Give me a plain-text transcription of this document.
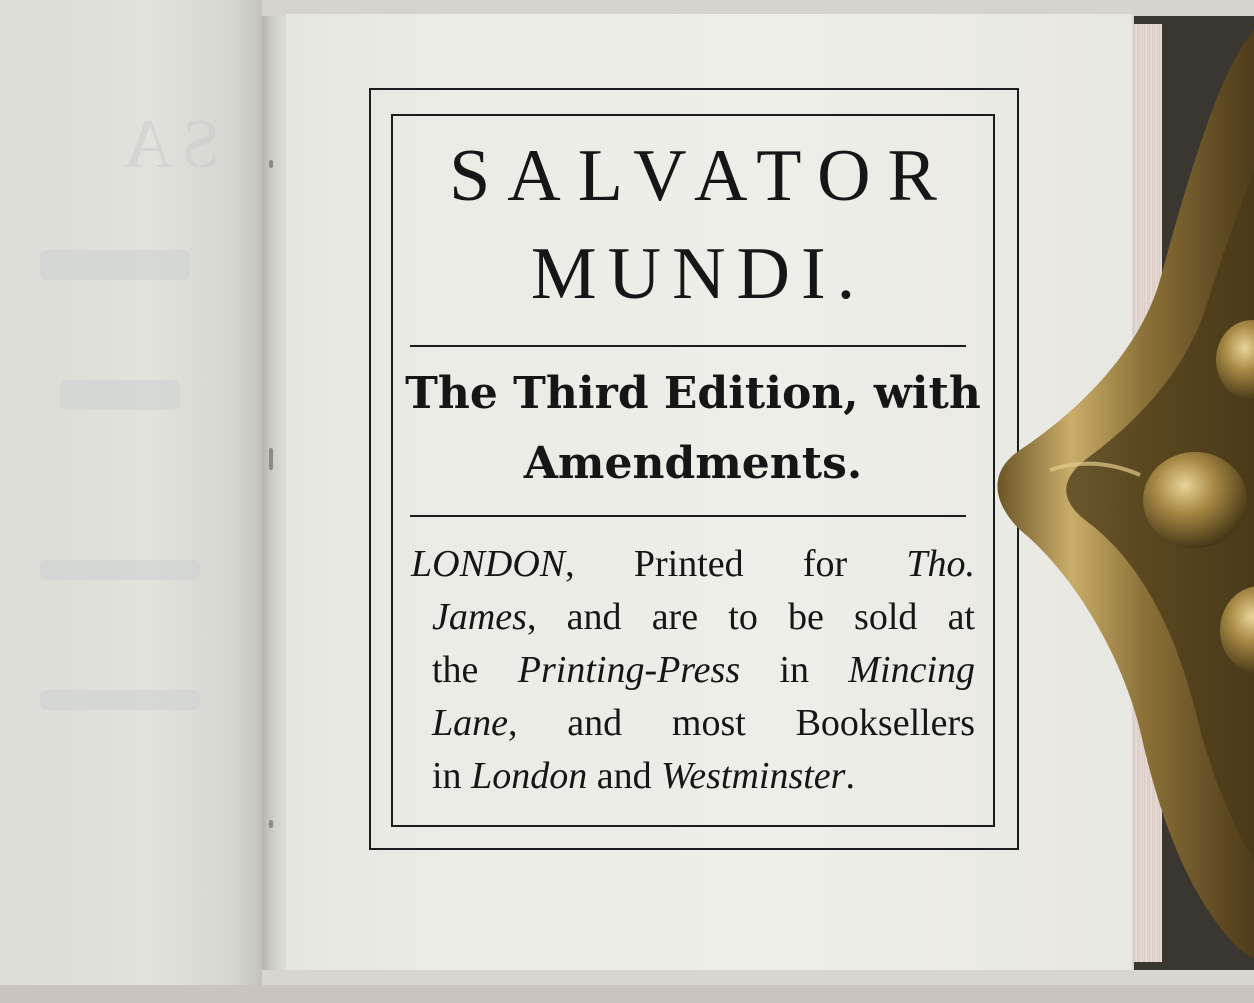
SA	SALVATOR
MUNDI.
The Third Edition, with
Amendments.
LONDON, Printed for Tho.
James, and are to be sold at
the Printing-Press in Mincing
Lane, and most Booksellers
in London and Westminster.
